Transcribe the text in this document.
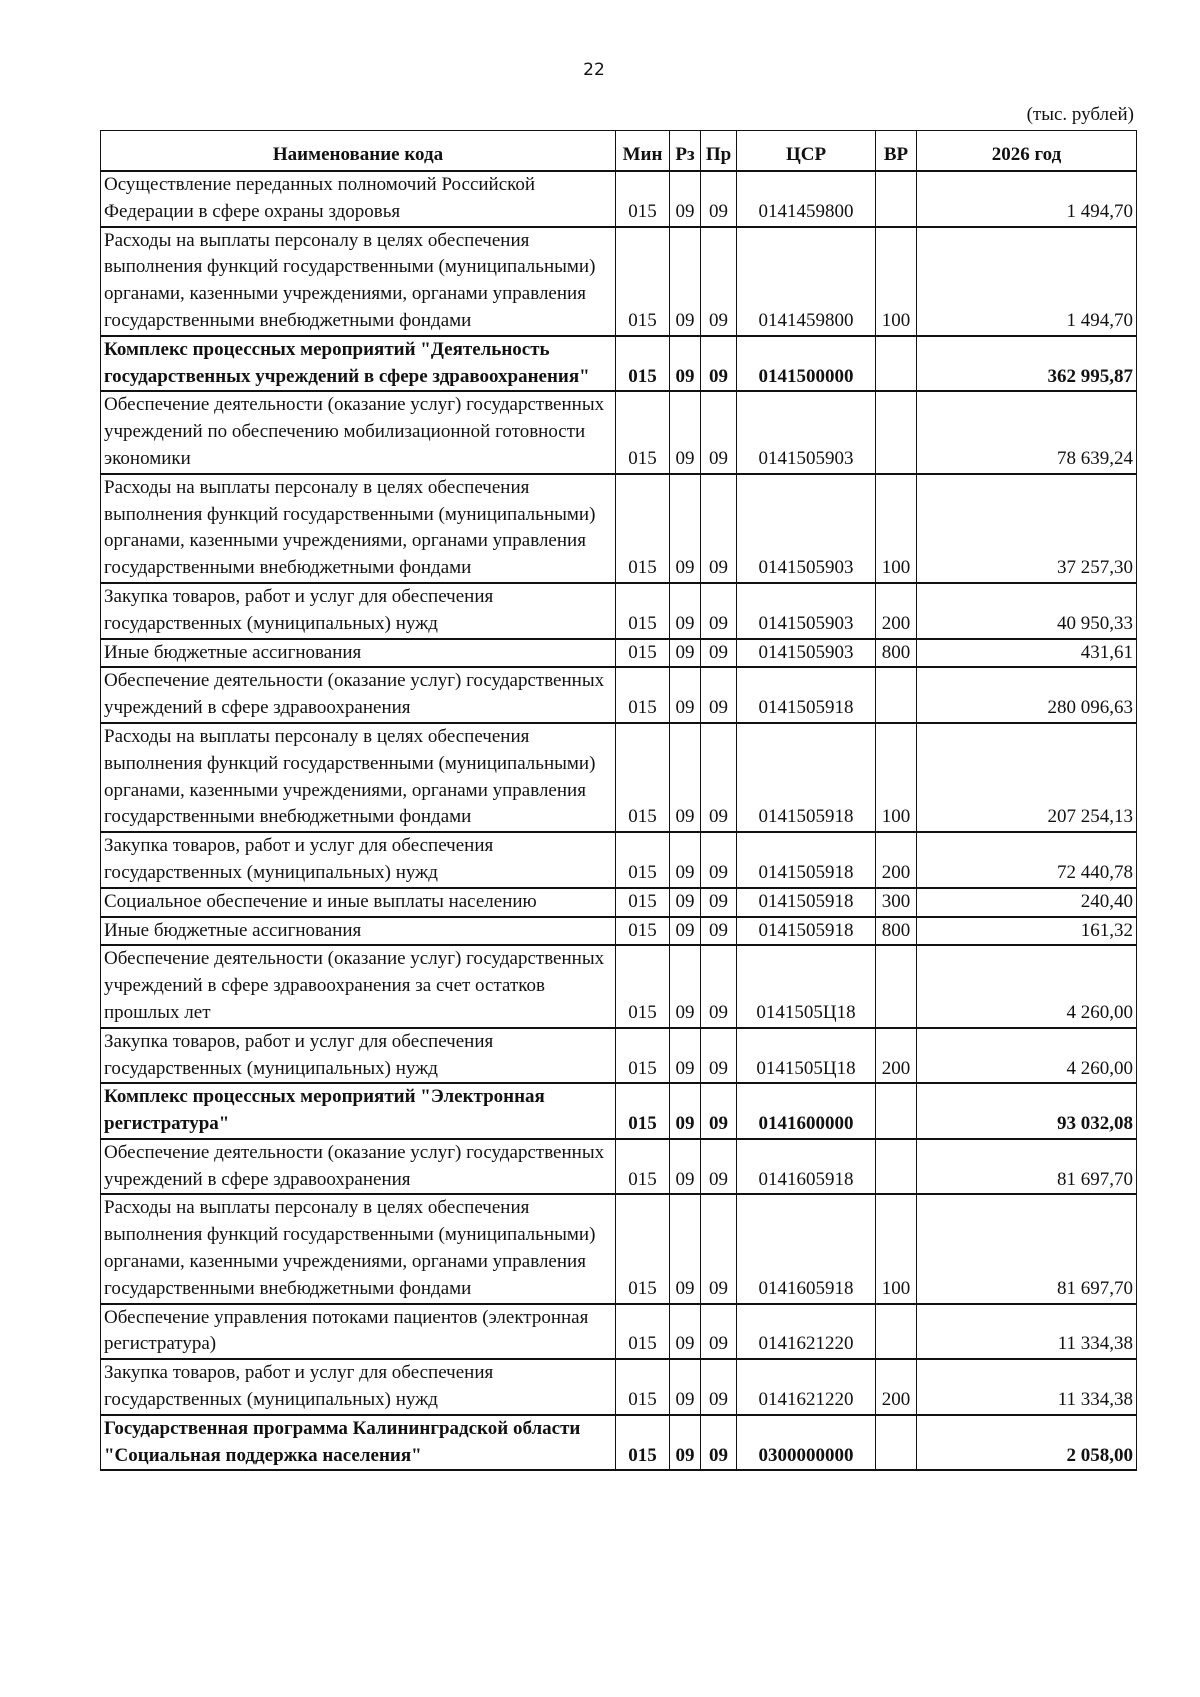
22
(тыс. рублей)
Наименование кода	Мин	Рз	Пр	ЦСР	ВР	2026 год
Осуществление переданных полномочий Российской Федерации в сфере охраны здоровья	015	09	09	0141459800		1 494,70
Расходы на выплаты персоналу в целях обеспечения выполнения функций государственными (муниципальными) органами, казенными учреждениями, органами управления государственными внебюджетными фондами	015	09	09	0141459800	100	1 494,70
Комплекс процессных мероприятий "Деятельность государственных учреждений в сфере здравоохранения"	015	09	09	0141500000		362 995,87
Обеспечение деятельности (оказание услуг) государственных учреждений по обеспечению мобилизационной готовности экономики	015	09	09	0141505903		78 639,24
Расходы на выплаты персоналу в целях обеспечения выполнения функций государственными (муниципальными) органами, казенными учреждениями, органами управления государственными внебюджетными фондами	015	09	09	0141505903	100	37 257,30
Закупка товаров, работ и услуг для обеспечения государственных (муниципальных) нужд	015	09	09	0141505903	200	40 950,33
Иные бюджетные ассигнования	015	09	09	0141505903	800	431,61
Обеспечение деятельности (оказание услуг) государственных учреждений в сфере здравоохранения	015	09	09	0141505918		280 096,63
Расходы на выплаты персоналу в целях обеспечения выполнения функций государственными (муниципальными) органами, казенными учреждениями, органами управления государственными внебюджетными фондами	015	09	09	0141505918	100	207 254,13
Закупка товаров, работ и услуг для обеспечения государственных (муниципальных) нужд	015	09	09	0141505918	200	72 440,78
Социальное обеспечение и иные выплаты населению	015	09	09	0141505918	300	240,40
Иные бюджетные ассигнования	015	09	09	0141505918	800	161,32
Обеспечение деятельности (оказание услуг) государственных учреждений в сфере здравоохранения за счет остатков прошлых лет	015	09	09	0141505Ц18		4 260,00
Закупка товаров, работ и услуг для обеспечения государственных (муниципальных) нужд	015	09	09	0141505Ц18	200	4 260,00
Комплекс процессных мероприятий "Электронная регистратура"	015	09	09	0141600000		93 032,08
Обеспечение деятельности (оказание услуг) государственных учреждений в сфере здравоохранения	015	09	09	0141605918		81 697,70
Расходы на выплаты персоналу в целях обеспечения выполнения функций государственными (муниципальными) органами, казенными учреждениями, органами управления государственными внебюджетными фондами	015	09	09	0141605918	100	81 697,70
Обеспечение управления потоками пациентов (электронная регистратура)	015	09	09	0141621220		11 334,38
Закупка товаров, работ и услуг для обеспечения государственных (муниципальных) нужд	015	09	09	0141621220	200	11 334,38
Государственная программа Калининградской области "Социальная поддержка населения"	015	09	09	0300000000		2 058,00
